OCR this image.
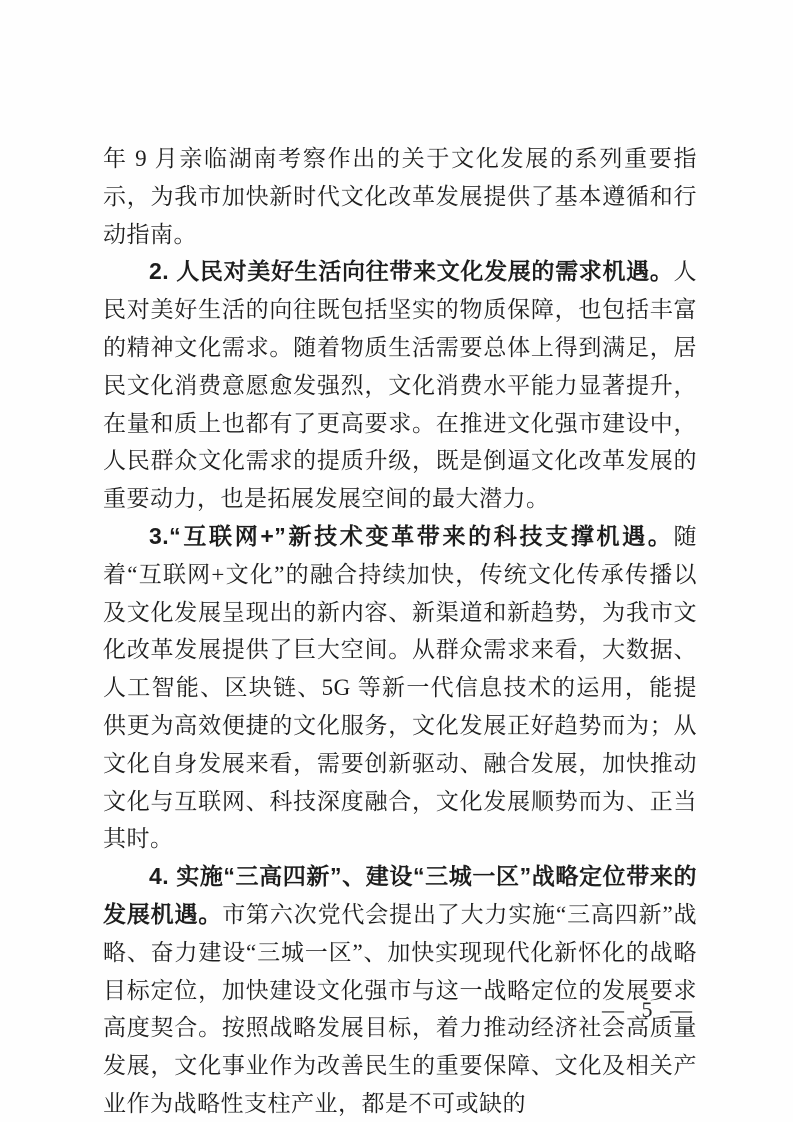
年 9 月亲临湖南考察作出的关于文化发展的系列重要指示，为我市加快新时代文化改革发展提供了基本遵循和行动指南。

2. 人民对美好生活向往带来文化发展的需求机遇。人民对美好生活的向往既包括坚实的物质保障，也包括丰富的精神文化需求。随着物质生活需要总体上得到满足，居民文化消费意愿愈发强烈，文化消费水平能力显著提升，在量和质上也都有了更高要求。在推进文化强市建设中，人民群众文化需求的提质升级，既是倒逼文化改革发展的重要动力，也是拓展发展空间的最大潜力。

3.“互联网+”新技术变革带来的科技支撑机遇。随着“互联网+文化”的融合持续加快，传统文化传承传播以及文化发展呈现出的新内容、新渠道和新趋势，为我市文化改革发展提供了巨大空间。从群众需求来看，大数据、人工智能、区块链、5G 等新一代信息技术的运用，能提供更为高效便捷的文化服务，文化发展正好趋势而为；从文化自身发展来看，需要创新驱动、融合发展，加快推动文化与互联网、科技深度融合，文化发展顺势而为、正当其时。

4. 实施“三高四新”、建设“三城一区”战略定位带来的发展机遇。市第六次党代会提出了大力实施“三高四新”战略、奋力建设“三城一区”、加快实现现代化新怀化的战略目标定位，加快建设文化强市与这一战略定位的发展要求高度契合。按照战略发展目标，着力推动经济社会高质量发展，文化事业作为改善民生的重要保障、文化及相关产业作为战略性支柱产业，都是不可或缺的

— 5 —
